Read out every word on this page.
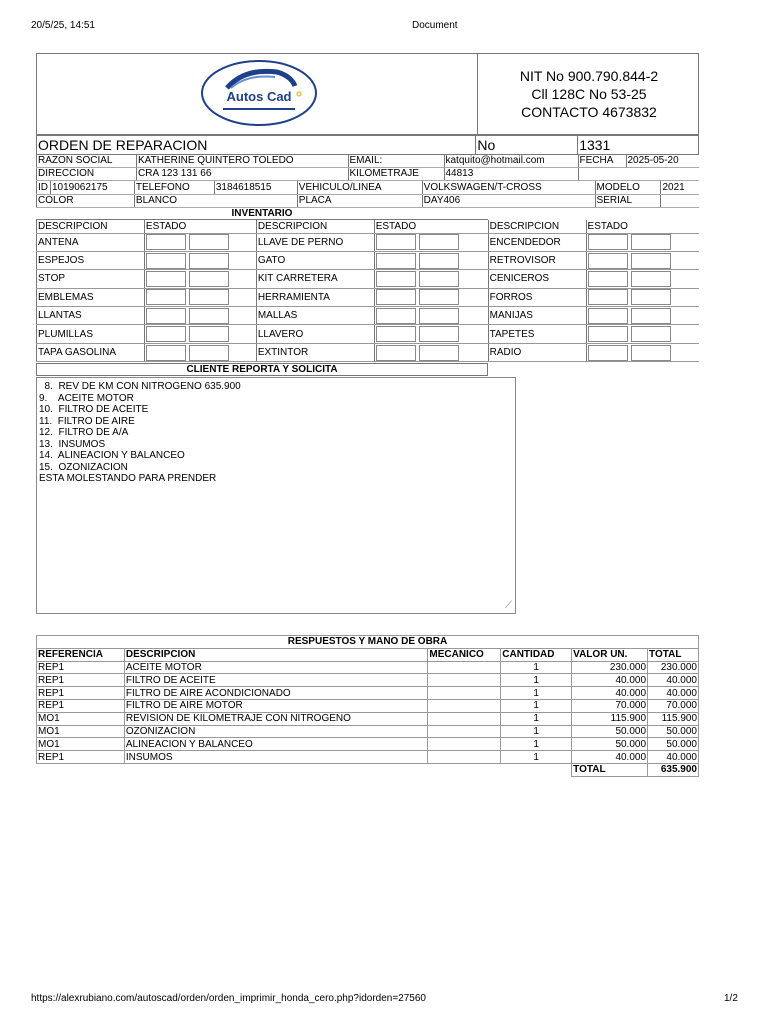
20/5/25, 14:51	Document
Autos Cad
NIT No 900.790.844-2
Cll 128C No 53-25
CONTACTO 4673832
ORDEN DE REPARACION	No	1331
RAZON SOCIAL	KATHERINE QUINTERO TOLEDO	EMAIL:	katquito@hotmail.com	FECHA	2025-05-20
DIRECCION	CRA 123 131 66	KILOMETRAJE	44813		
ID	1019062175	TELEFONO	3184618515	VEHICULO/LINEA	VOLKSWAGEN/T-CROSS	MODELO	2021
COLOR		BLANCO		PLACA	DAY406	SERIAL	
INVENTARIO
DESCRIPCION	ESTADO	DESCRIPCION	ESTADO	DESCRIPCION	ESTADO
ANTENA		LLAVE DE PERNO		ENCENDEDOR	
ESPEJOS		GATO		RETROVISOR	
STOP		KIT CARRETERA		CENICEROS	
EMBLEMAS		HERRAMIENTA		FORROS	
LLANTAS		MALLAS		MANIJAS	
PLUMILLAS		LLAVERO		TAPETES	
TAPA GASOLINA		EXTINTOR		RADIO	
CLIENTE REPORTA Y SOLICITA
8.  REV DE KM CON NITROGENO 635.900
9.    ACEITE MOTOR
10.  FILTRO DE ACEITE
11.  FILTRO DE AIRE
12.  FILTRO DE A/A
13.  INSUMOS
14.  ALINEACION Y BALANCEO
15.  OZONIZACION
ESTA MOLESTANDO PARA PRENDER
⟋
RESPUESTOS Y MANO DE OBRA					
REFERENCIA	DESCRIPCION	MECANICO	CANTIDAD	VALOR UN.	TOTAL
REP1	ACEITE MOTOR		1	230.000	230.000
REP1	FILTRO DE ACEITE		1	40.000	40.000
REP1	FILTRO DE AIRE ACONDICIONADO		1	40.000	40.000
REP1	FILTRO DE AIRE MOTOR		1	70.000	70.000
MO1	REVISION DE KILOMETRAJE CON NITROGENO		1	115.900	115.900
MO1	OZONIZACION		1	50.000	50.000
MO1	ALINEACION Y BALANCEO		1	50.000	50.000
REP1	INSUMOS		1	40.000	40.000
				TOTAL	635.900
https://alexrubiano.com/autoscad/orden/orden_imprimir_honda_cero.php?idorden=27560	1/2
